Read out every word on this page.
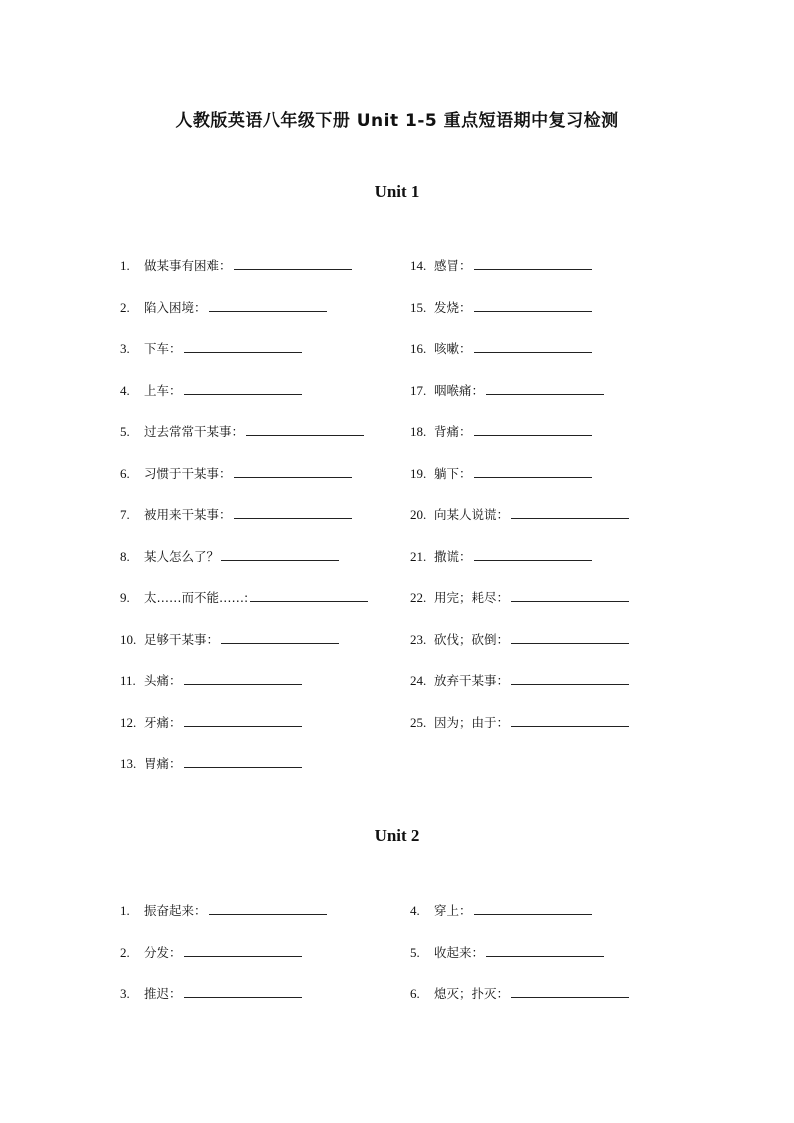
人教版英语八年级下册 Unit 1-5 重点短语期中复习检测
Unit 1
1. 做某事有困难：
2. 陷入困境：
3. 下车：
4. 上车：
5. 过去常常干某事：
6. 习惯于干某事：
7. 被用来干某事：
8. 某人怎么了？
9. 太……而不能……:
10. 足够干某事：
11. 头痛：
12. 牙痛：
13. 胃痛：
14. 感冒：
15. 发烧：
16. 咳嗽：
17. 咽喉痛：
18. 背痛：
19. 躺下：
20. 向某人说谎：
21. 撒谎：
22. 用完；耗尽：
23. 砍伐；砍倒：
24. 放弃干某事：
25. 因为；由于：
Unit 2
1. 振奋起来：
2. 分发：
3. 推迟：
4. 穿上：
5. 收起来：
6. 熄灭；扑灭：
